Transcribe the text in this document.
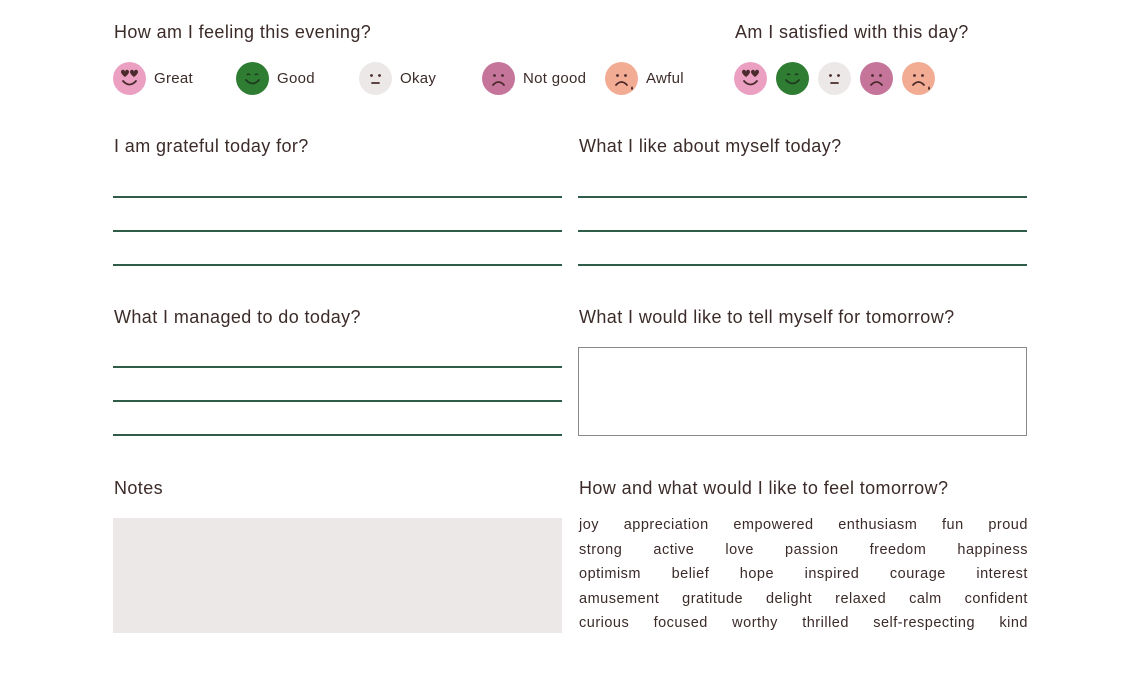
How am I feeling this evening?	Am I satisfied with this day?
Great	Good	Okay	Not good	Awful
I am grateful today for?	What I like about myself today?
What I managed to do today?	What I would like to tell myself for tomorrow?
Notes	How and what would I like to feel tomorrow?
joy appreciation empowered enthusiasm fun proud
strong active love passion freedom happiness
optimism belief hope inspired courage interest
amusement gratitude delight relaxed calm confident
curious focused worthy thrilled self-respecting kind
